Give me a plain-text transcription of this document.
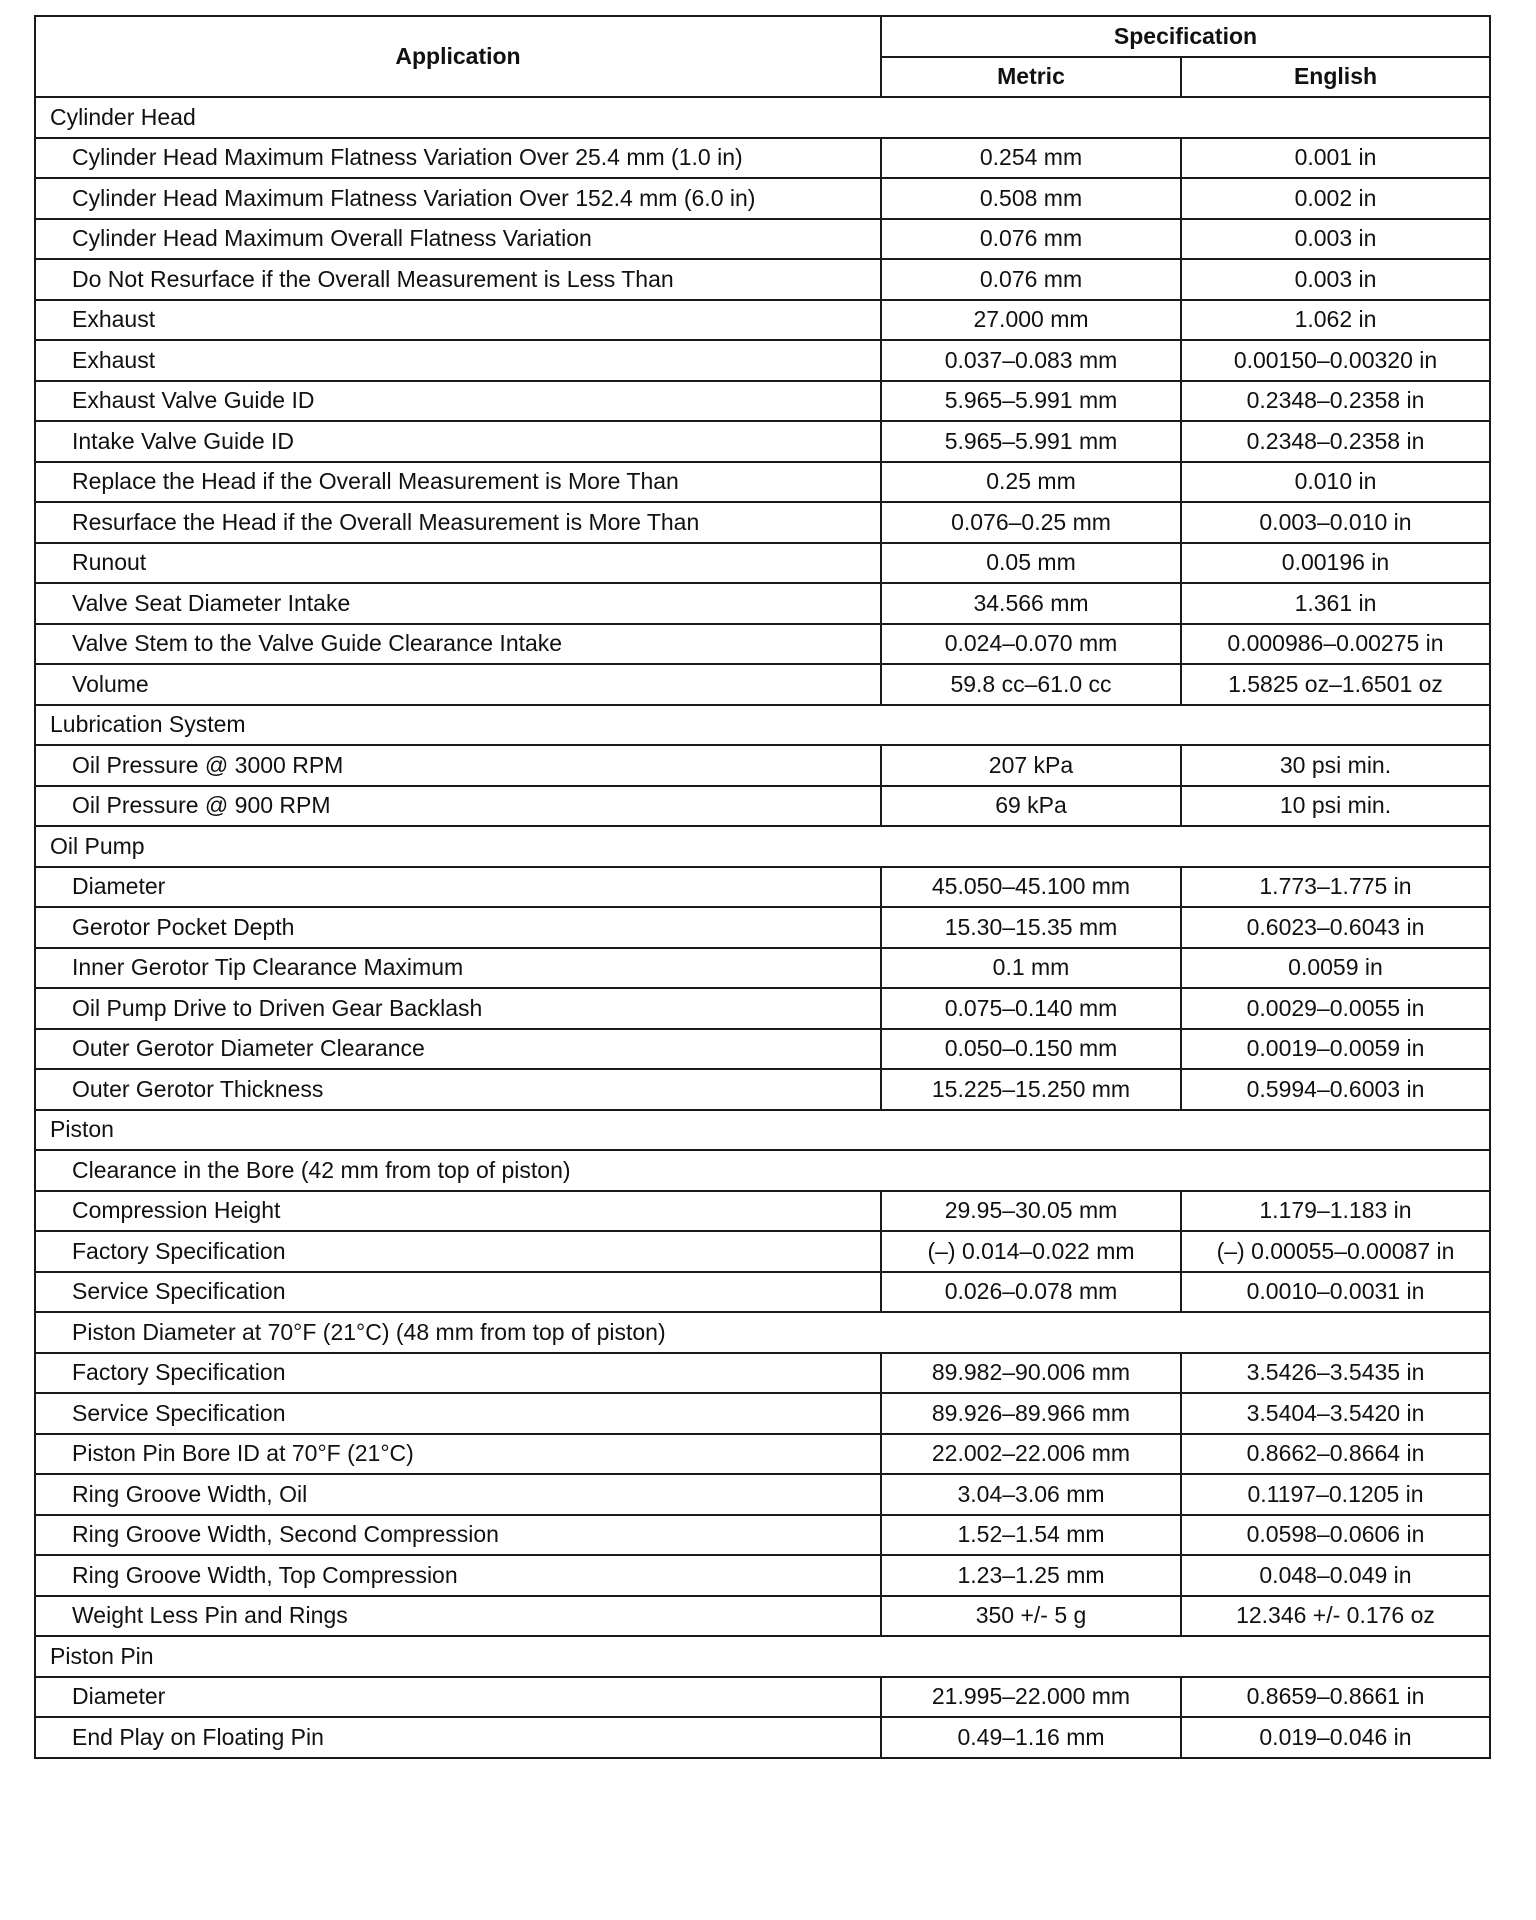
Application	Specification	
	Metric	English
Cylinder Head		
Cylinder Head Maximum Flatness Variation Over 25.4 mm (1.0 in)	0.254 mm	0.001 in
Cylinder Head Maximum Flatness Variation Over 152.4 mm (6.0 in)	0.508 mm	0.002 in
Cylinder Head Maximum Overall Flatness Variation	0.076 mm	0.003 in
Do Not Resurface if the Overall Measurement is Less Than	0.076 mm	0.003 in
Exhaust	27.000 mm	1.062 in
Exhaust	0.037–0.083 mm	0.00150–0.00320 in
Exhaust Valve Guide ID	5.965–5.991 mm	0.2348–0.2358 in
Intake Valve Guide ID	5.965–5.991 mm	0.2348–0.2358 in
Replace the Head if the Overall Measurement is More Than	0.25 mm	0.010 in
Resurface the Head if the Overall Measurement is More Than	0.076–0.25 mm	0.003–0.010 in
Runout	0.05 mm	0.00196 in
Valve Seat Diameter Intake	34.566 mm	1.361 in
Valve Stem to the Valve Guide Clearance Intake	0.024–0.070 mm	0.000986–0.00275 in
Volume	59.8 cc–61.0 cc	1.5825 oz–1.6501 oz
Lubrication System		
Oil Pressure @ 3000 RPM	207 kPa	30 psi min.
Oil Pressure @ 900 RPM	69 kPa	10 psi min.
Oil Pump		
Diameter	45.050–45.100 mm	1.773–1.775 in
Gerotor Pocket Depth	15.30–15.35 mm	0.6023–0.6043 in
Inner Gerotor Tip Clearance Maximum	0.1 mm	0.0059 in
Oil Pump Drive to Driven Gear Backlash	0.075–0.140 mm	0.0029–0.0055 in
Outer Gerotor Diameter Clearance	0.050–0.150 mm	0.0019–0.0059 in
Outer Gerotor Thickness	15.225–15.250 mm	0.5994–0.6003 in
Piston		
Clearance in the Bore (42 mm from top of piston)		
Compression Height	29.95–30.05 mm	1.179–1.183 in
Factory Specification	(–) 0.014–0.022 mm	(–) 0.00055–0.00087 in
Service Specification	0.026–0.078 mm	0.0010–0.0031 in
Piston Diameter at 70°F (21°C) (48 mm from top of piston)		
Factory Specification	89.982–90.006 mm	3.5426–3.5435 in
Service Specification	89.926–89.966 mm	3.5404–3.5420 in
Piston Pin Bore ID at 70°F (21°C)	22.002–22.006 mm	0.8662–0.8664 in
Ring Groove Width, Oil	3.04–3.06 mm	0.1197–0.1205 in
Ring Groove Width, Second Compression	1.52–1.54 mm	0.0598–0.0606 in
Ring Groove Width, Top Compression	1.23–1.25 mm	0.048–0.049 in
Weight Less Pin and Rings	350 +/- 5 g	12.346 +/- 0.176 oz
Piston Pin		
Diameter	21.995–22.000 mm	0.8659–0.8661 in
End Play on Floating Pin	0.49–1.16 mm	0.019–0.046 in
